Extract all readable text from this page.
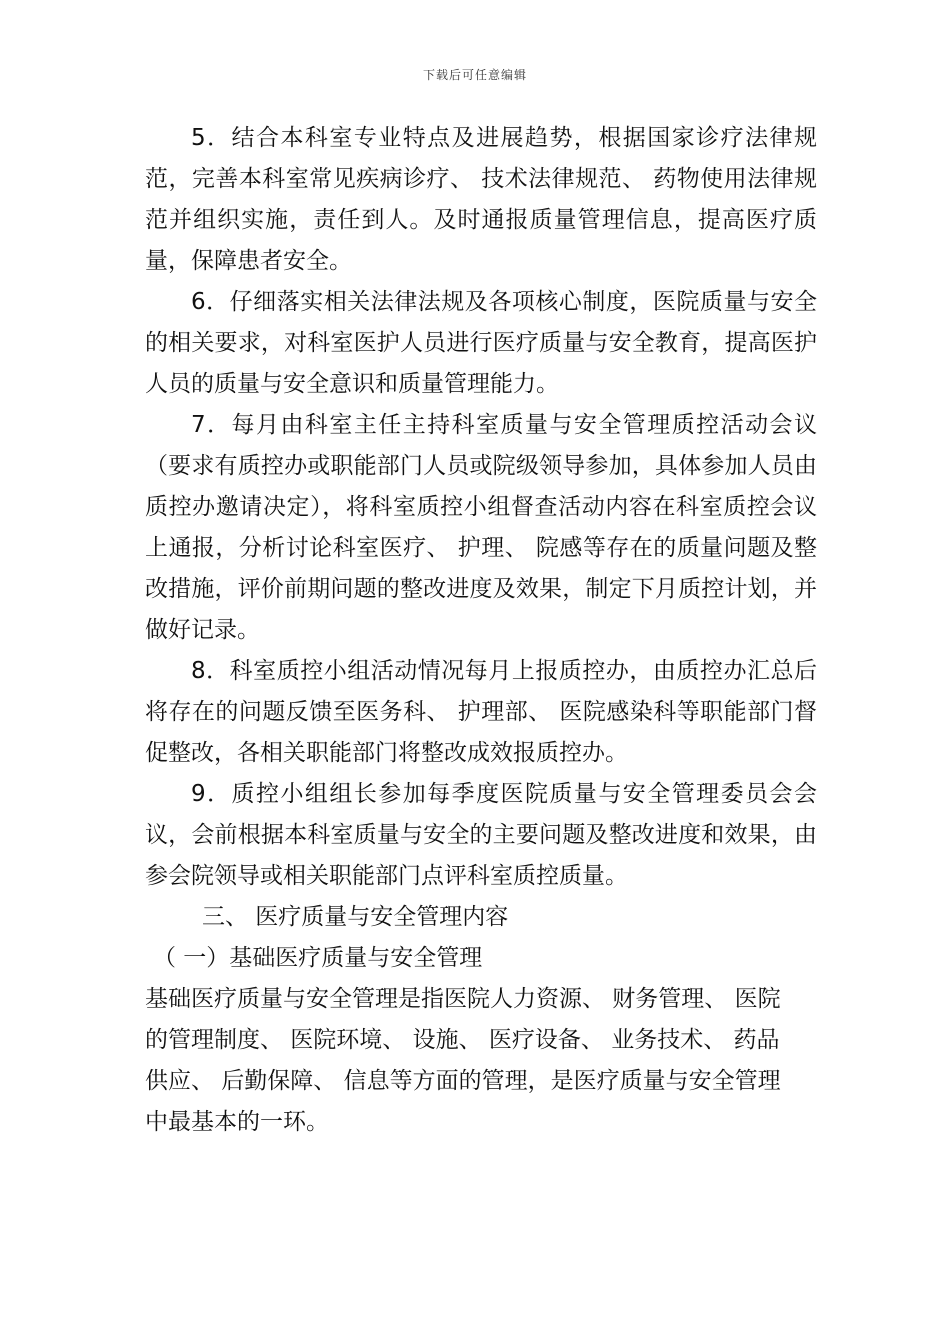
下载后可任意编辑

5．结合本科室专业特点及进展趋势，根据国家诊疗法律规范，完善本科室常见疾病诊疗、 技术法律规范、 药物使用法律规范并组织实施，责任到人。及时通报质量管理信息，提高医疗质量，保障患者安全。

6．仔细落实相关法律法规及各项核心制度，医院质量与安全的相关要求，对科室医护人员进行医疗质量与安全教育，提高医护人员的质量与安全意识和质量管理能力。

7．每月由科室主任主持科室质量与安全管理质控活动会议（要求有质控办或职能部门人员或院级领导参加，具体参加人员由质控办邀请决定），将科室质控小组督查活动内容在科室质控会议上通报，分析讨论科室医疗、 护理、 院感等存在的质量问题及整改措施，评价前期问题的整改进度及效果，制定下月质控计划，并做好记录。

8．科室质控小组活动情况每月上报质控办，由质控办汇总后将存在的问题反馈至医务科、 护理部、 医院感染科等职能部门督促整改，各相关职能部门将整改成效报质控办。

9．质控小组组长参加每季度医院质量与安全管理委员会会议，会前根据本科室质量与安全的主要问题及整改进度和效果，由参会院领导或相关职能部门点评科室质控质量。

三、 医疗质量与安全管理内容
（ 一）基础医疗质量与安全管理
基础医疗质量与安全管理是指医院人力资源、 财务管理、 医院
的管理制度、 医院环境、 设施、 医疗设备、 业务技术、 药品
供应、 后勤保障、 信息等方面的管理，是医疗质量与安全管理
中最基本的一环。
